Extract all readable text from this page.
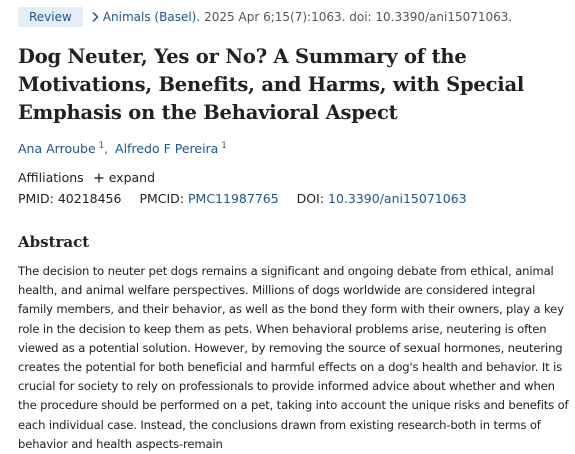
Review	Animals (Basel). 2025 Apr 6;15(7):1063. doi: 10.3390/ani15071063.
Dog Neuter, Yes or No? A Summary of the Motivations, Benefits, and Harms, with Special Emphasis on the Behavioral Aspect
Ana Arroube $^1$, Alfredo F Pereira $^1$
Affiliations expand
PMID: 40218456 PMCID: PMC11987765 DOI: 10.3390/ani15071063
Abstract

The decision to neuter pet dogs remains a significant and ongoing debate from ethical, animal health, and animal welfare perspectives. Millions of dogs worldwide are considered integral family members, and their behavior, as well as the bond they form with their owners, play a key role in the decision to keep them as pets. When behavioral problems arise, neutering is often viewed as a potential solution. However, by removing the source of sexual hormones, neutering creates the potential for both beneficial and harmful effects on a dog's health and behavior. It is crucial for society to rely on professionals to provide informed advice about whether and when the procedure should be performed on a pet, taking into account the unique risks and benefits of each individual case. Instead, the conclusions drawn from existing research-both in terms of behavior and health aspects-remain
